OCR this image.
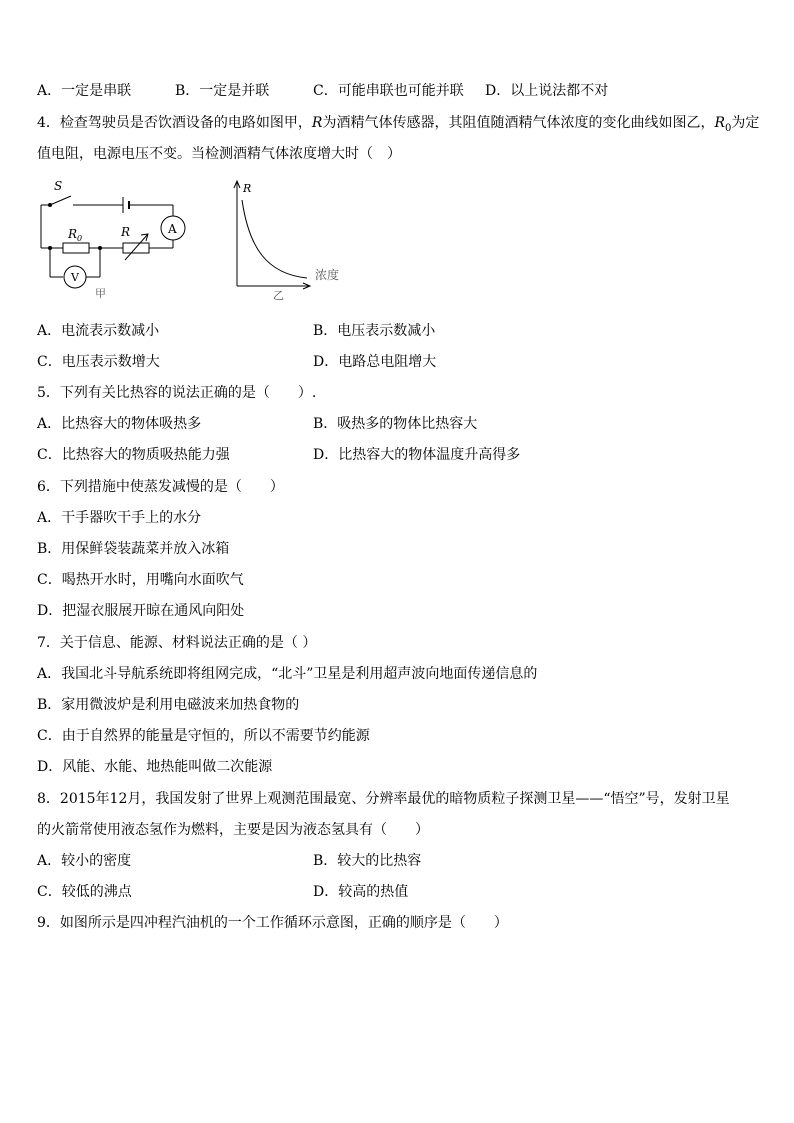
A．一定是串联	B．一定是并联	C．可能串联也可能并联 D．以上说法都不对
4．检查驾驶员是否饮酒设备的电路如图甲，R为酒精气体传感器，其阻值随酒精气体浓度的变化曲线如图乙，$R_0$为定
值电阻，电源电压不变。当检测酒精气体浓度增大时（　）
S
$R_0$	R	A
V
甲
R
浓度
乙
A．电流表示数减小	B．电压表示数减小
C．电压表示数增大	D．电路总电阻增大
5．下列有关比热容的说法正确的是（　　）.
A．比热容大的物体吸热多	B．吸热多的物体比热容大
C．比热容大的物质吸热能力强	D．比热容大的物体温度升高得多
6．下列措施中使蒸发减慢的是（　　）
A．干手器吹干手上的水分
B．用保鲜袋装蔬菜并放入冰箱
C．喝热开水时，用嘴向水面吹气
D．把湿衣服展开晾在通风向阳处
7．关于信息、能源、材料说法正确的是（ ）
A．我国北斗导航系统即将组网完成，“北斗”卫星是利用超声波向地面传递信息的
B．家用微波炉是利用电磁波来加热食物的
C．由于自然界的能量是守恒的，所以不需要节约能源
D．风能、水能、地热能叫做二次能源
8．2015年12月，我国发射了世界上观测范围最宽、分辨率最优的暗物质粒子探测卫星——“悟空”号，发射卫星
的火箭常使用液态氢作为燃料，主要是因为液态氢具有（　　）
A．较小的密度	B．较大的比热容
C．较低的沸点	D．较高的热值
9．如图所示是四冲程汽油机的一个工作循环示意图，正确的顺序是（　　）
